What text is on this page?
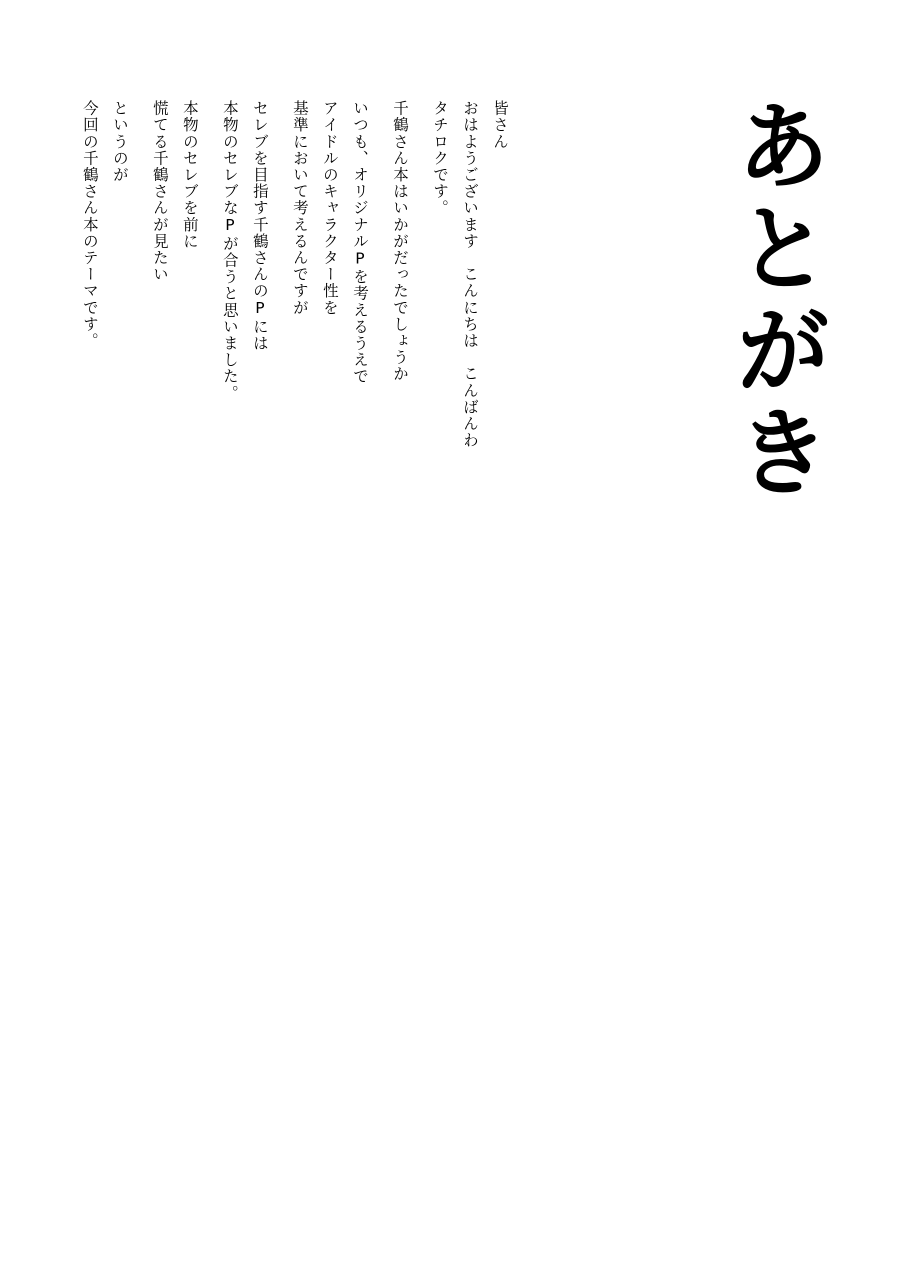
あとがき
皆さん
おはようございます　こんにちは　こんばんわ
タチロクです。
千鶴さん本はいかがだったでしょうか
いつも、オリジナルPを考えるうえで
アイドルのキャラクター性を
基準において考えるんですが
セレブを目指す千鶴さんのPには
本物のセレブなPが合うと思いました。
本物のセレブを前に
慌てる千鶴さんが見たい
というのが
今回の千鶴さん本のテーマです。
